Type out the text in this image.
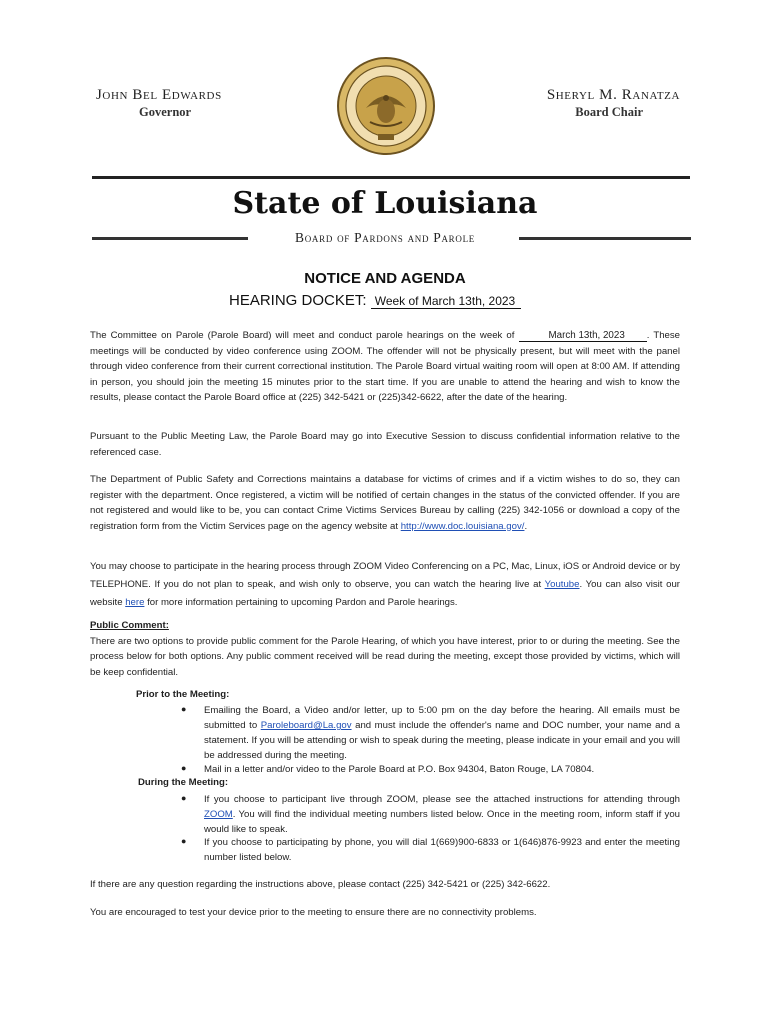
John Bel Edwards
Governor
Sheryl M. Ranatza
Board Chair
State of Louisiana
Board of Pardons and Parole
NOTICE AND AGENDA
HEARING DOCKET: Week of March 13th, 2023
The Committee on Parole (Parole Board) will meet and conduct parole hearings on the week of	March 13th, 2023 . These meetings will be conducted by video conference using ZOOM. The offender will not be physically present, but will meet with the panel through video conference from their current correctional institution. The Parole Board virtual waiting room will open at 8:00 AM. If attending in person, you should join the meeting 15 minutes prior to the start time. If you are unable to attend the hearing and wish to know the results, please contact the Parole Board office at (225) 342-5421 or (225)342-6622, after the date of the hearing.
Pursuant to the Public Meeting Law, the Parole Board may go into Executive Session to discuss confidential information relative to the referenced case.
The Department of Public Safety and Corrections maintains a database for victims of crimes and if a victim wishes to do so, they can register with the department. Once registered, a victim will be notified of certain changes in the status of the convicted offender. If you are not registered and would like to be, you can contact Crime Victims Services Bureau by calling (225) 342-1056 or download a copy of the registration form from the Victim Services page on the agency website at http://www.doc.louisiana.gov/.
You may choose to participate in the hearing process through ZOOM Video Conferencing on a PC, Mac, Linux, iOS or Android device or by TELEPHONE. If you do not plan to speak, and wish only to observe, you can watch the hearing live at Youtube. You can also visit our website here for more information pertaining to upcoming Pardon and Parole hearings.
Public Comment:
There are two options to provide public comment for the Parole Hearing, of which you have interest, prior to or during the meeting. See the process below for both options. Any public comment received will be read during the meeting, except those provided by victims, which will be keep confidential.
Prior to the Meeting:
● Emailing the Board, a Video and/or letter, up to 5:00 pm on the day before the hearing. All emails must be submitted to Paroleboard@La.gov and must include the offender's name and DOC number, your name and a statement. If you will be attending or wish to speak during the meeting, please indicate in your email and you will be addressed during the meeting.
● Mail in a letter and/or video to the Parole Board at P.O. Box 94304, Baton Rouge, LA 70804.
During the Meeting:
● If you choose to participant live through ZOOM, please see the attached instructions for attending through ZOOM. You will find the individual meeting numbers listed below. Once in the meeting room, inform staff if you would like to speak.
● If you choose to participating by phone, you will dial 1(669)900-6833 or 1(646)876-9923 and enter the meeting number listed below.
If there are any question regarding the instructions above, please contact (225) 342-5421 or (225) 342-6622.
You are encouraged to test your device prior to the meeting to ensure there are no connectivity problems.
